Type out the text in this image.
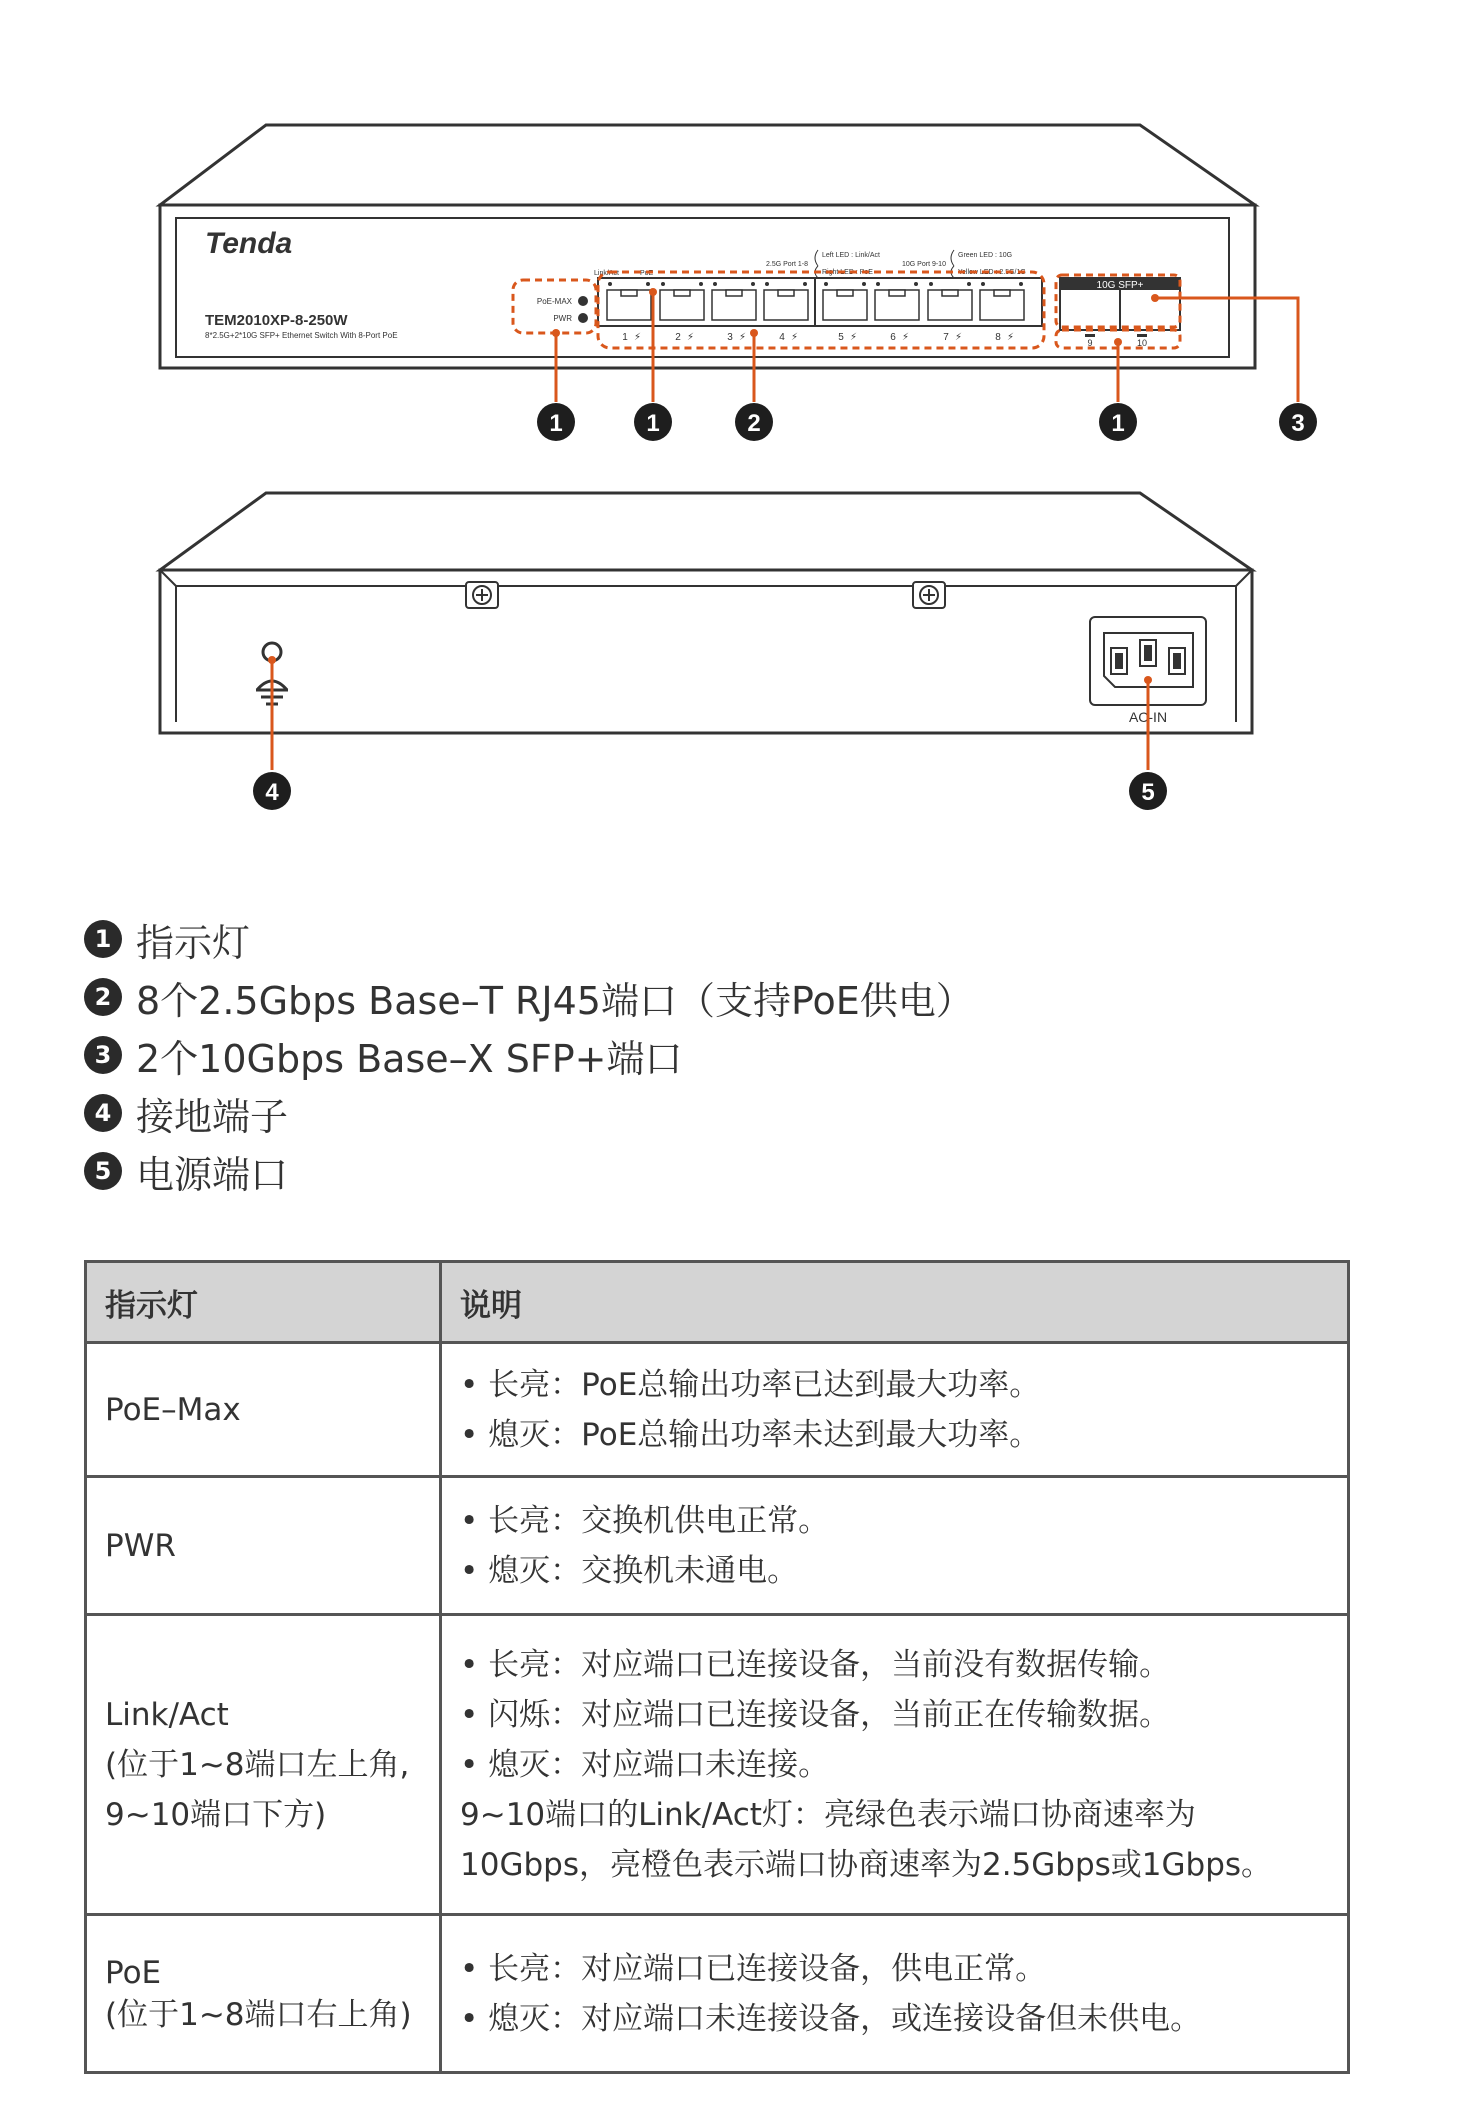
Tenda
TEM2010XP-8-250W
8*2.5G+2*10G SFP+ Ethernet Switch With 8-Port PoE
PoE-MAX
PWR
Link/Act	PoE
2.5G Port 1-8
Left LED : Link/Act
Right LED : PoE
10G Port 9-10
Green LED : 10G
Yellow LED : 2.5G/1G
1 ⚡	2 ⚡	3 ⚡	4 ⚡	5 ⚡	6 ⚡	7 ⚡	8 ⚡
10G SFP+
9	10
1	1	2	1	3
AC-IN
4	5
1 指示灯
2 8个2.5Gbps Base–T RJ45端口（支持PoE供电）
3 2个10Gbps Base–X SFP+端口
4 接地端子
5 电源端口
指示灯	说明

PoE–Max	• 长亮：PoE总输出功率已达到最大功率。
• 熄灭：PoE总输出功率未达到最大功率。

PWR	• 长亮：交换机供电正常。
• 熄灭：交换机未通电。

Link/Act
(位于1~8端口左上角,
9~10端口下方)	• 长亮：对应端口已连接设备，当前没有数据传输。
• 闪烁：对应端口已连接设备，当前正在传输数据。
• 熄灭：对应端口未连接。
9~10端口的Link/Act灯：亮绿色表示端口协商速率为
10Gbps，亮橙色表示端口协商速率为2.5Gbps或1Gbps。

PoE
(位于1~8端口右上角)	• 长亮：对应端口已连接设备，供电正常。
• 熄灭：对应端口未连接设备，或连接设备但未供电。
